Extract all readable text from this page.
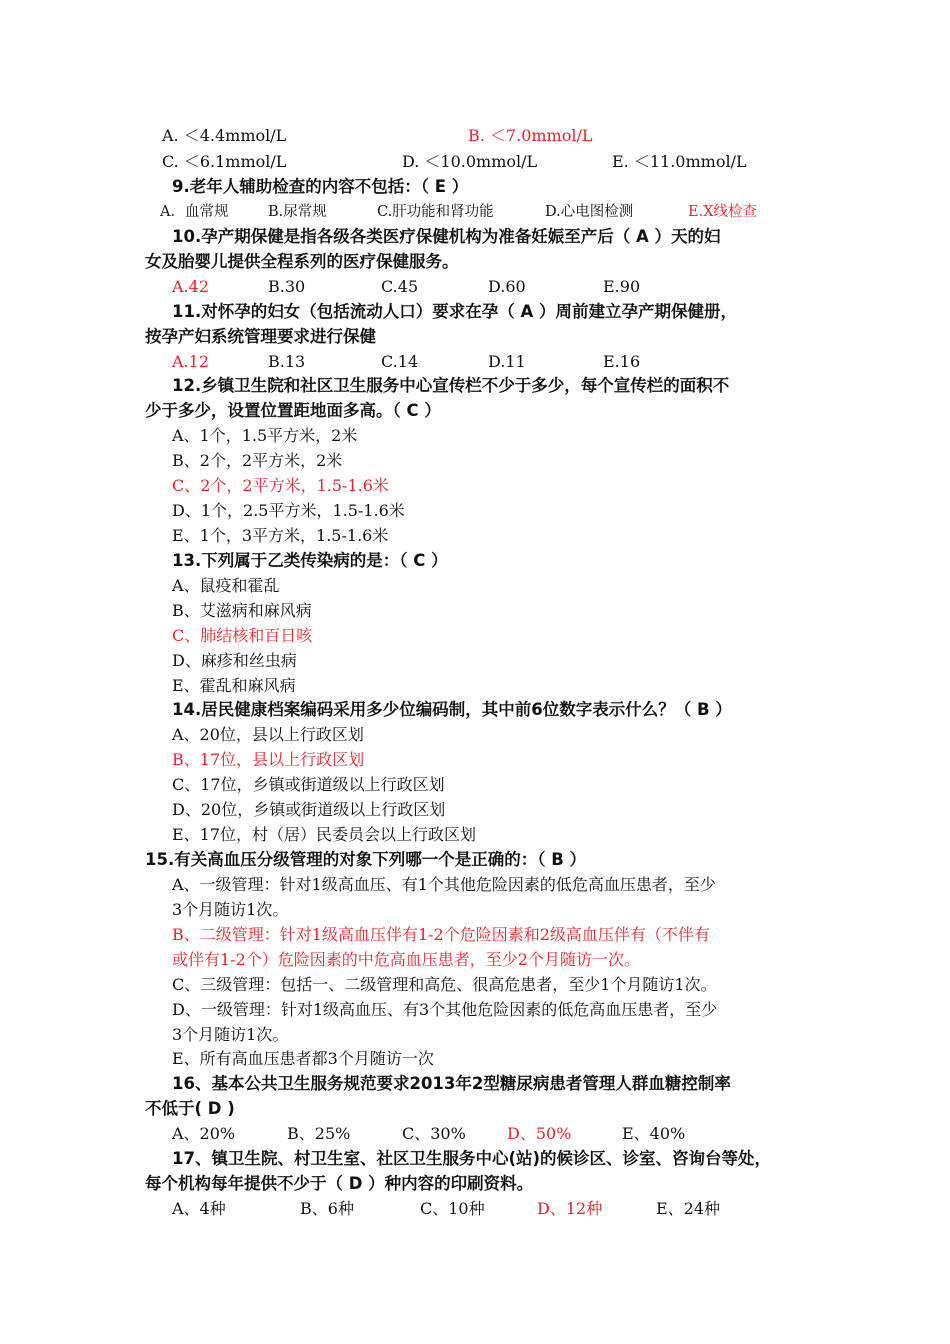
A. ＜4.4mmol/L	B. ＜7.0mmol/L
C. ＜6.1mmol/L	D. ＜10.0mmol/L	E. ＜11.0mmol/L
9.老年人辅助检查的内容不包括：（ E ）
A．血常规	B.尿常规	C.肝功能和肾功能	D.心电图检测	E.X线检查
10.孕产期保健是指各级各类医疗保健机构为准备妊娠至产后（ A ）天的妇
女及胎婴儿提供全程系列的医疗保健服务。
A.42	B.30	C.45	D.60	E.90
11.对怀孕的妇女（包括流动人口）要求在孕（ A ）周前建立孕产期保健册，
按孕产妇系统管理要求进行保健
A.12	B.13	C.14	D.11	E.16
12.乡镇卫生院和社区卫生服务中心宣传栏不少于多少，每个宣传栏的面积不
少于多少，设置位置距地面多高。（ C ）
A、1个，1.5平方米，2米
B、2个，2平方米，2米
C、2个，2平方米，1.5-1.6米
D、1个，2.5平方米，1.5-1.6米
E、1个，3平方米，1.5-1.6米
13.下列属于乙类传染病的是：（ C ）
A、鼠疫和霍乱
B、艾滋病和麻风病
C、肺结核和百日咳
D、麻疹和丝虫病
E、霍乱和麻风病
14.居民健康档案编码采用多少位编码制，其中前6位数字表示什么？（ B ）
A、20位，县以上行政区划
B、17位，县以上行政区划
C、17位，乡镇或街道级以上行政区划
D、20位，乡镇或街道级以上行政区划
E、17位，村（居）民委员会以上行政区划
15.有关高血压分级管理的对象下列哪一个是正确的：（ B ）
A、一级管理：针对1级高血压、有1个其他危险因素的低危高血压患者，至少
3个月随访1次。
B、二级管理：针对1级高血压伴有1-2个危险因素和2级高血压伴有（不伴有
或伴有1-2个）危险因素的中危高血压患者，至少2个月随访一次。
C、三级管理：包括一、二级管理和高危、很高危患者，至少1个月随访1次。
D、一级管理：针对1级高血压、有3个其他危险因素的低危高血压患者，至少
3个月随访1次。
E、所有高血压患者都3个月随访一次
16、基本公共卫生服务规范要求2013年2型糖尿病患者管理人群血糖控制率
不低于( D )
A、20%	B、25%	C、30%	D、50%	E、40%
17、镇卫生院、村卫生室、社区卫生服务中心(站)的候诊区、诊室、咨询台等处，
每个机构每年提供不少于（ D ）种内容的印刷资料。
A、4种	B、6种	C、10种	D、12种	E、24种
